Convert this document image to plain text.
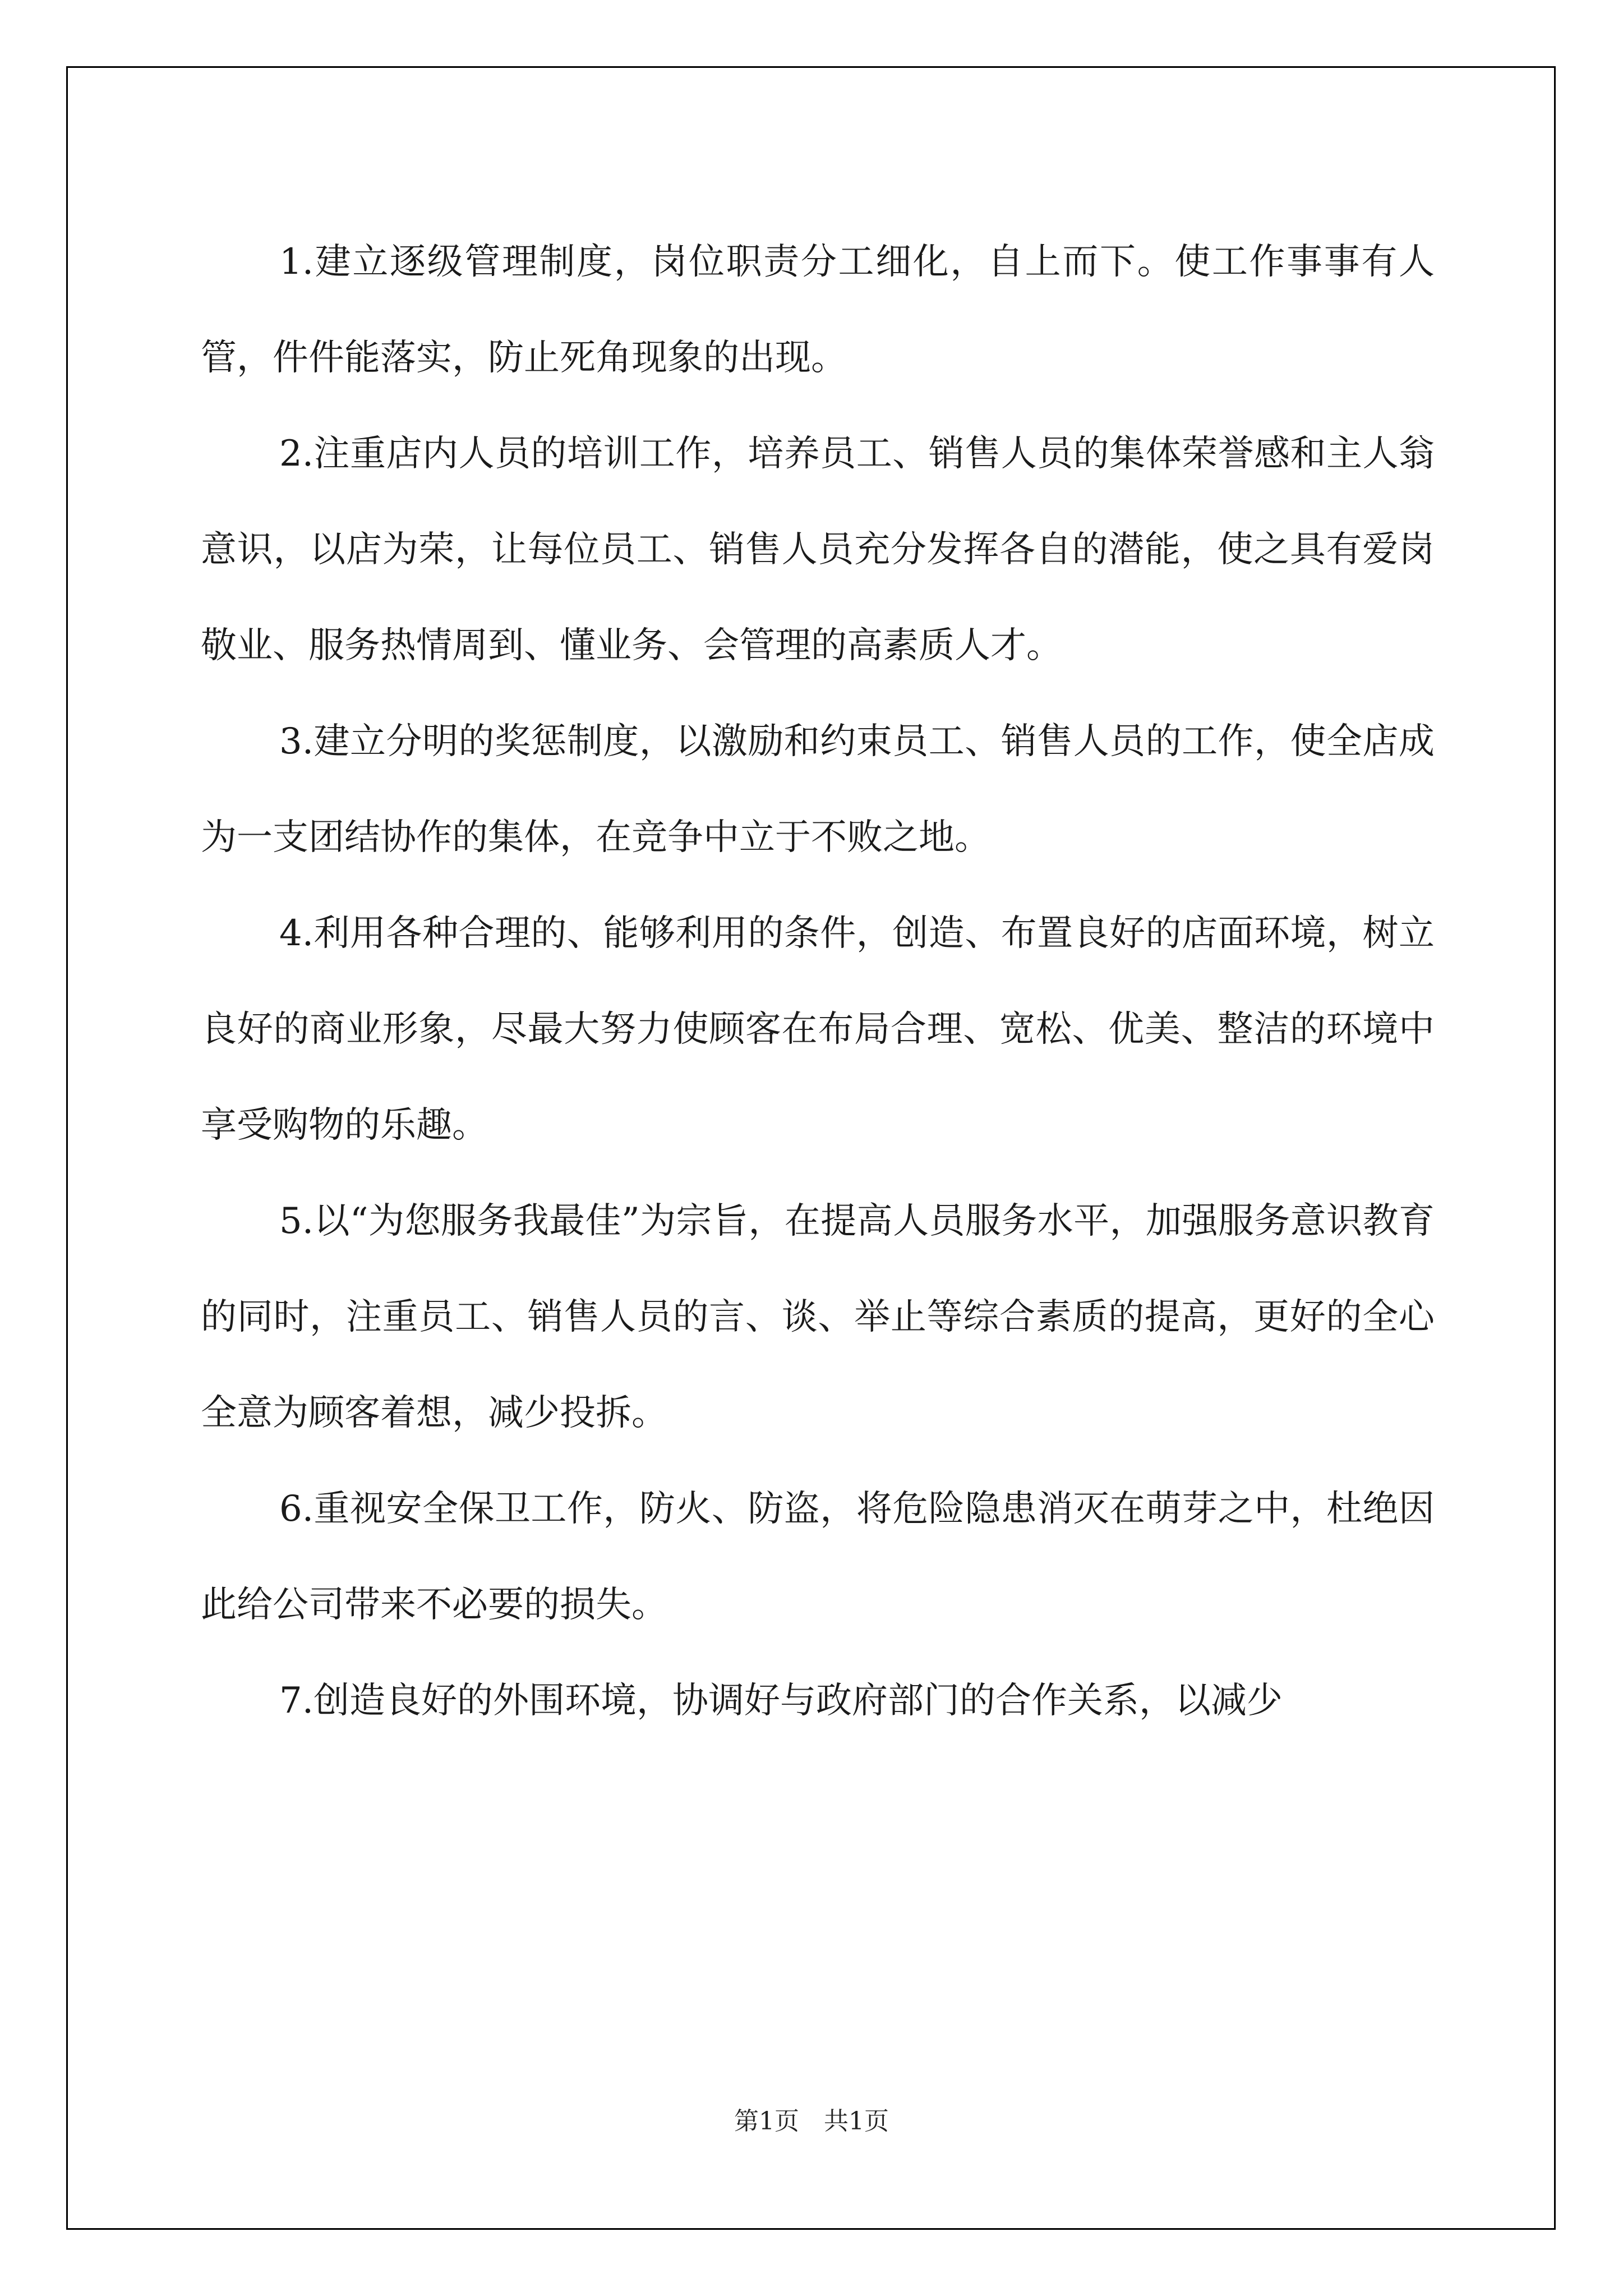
1.建立逐级管理制度，岗位职责分工细化，自上而下。使工作事事有人管，件件能落实，防止死角现象的出现。

2.注重店内人员的培训工作，培养员工、销售人员的集体荣誉感和主人翁意识，以店为荣，让每位员工、销售人员充分发挥各自的潜能，使之具有爱岗敬业、服务热情周到、懂业务、会管理的高素质人才。

3.建立分明的奖惩制度，以激励和约束员工、销售人员的工作，使全店成为一支团结协作的集体，在竞争中立于不败之地。

4.利用各种合理的、能够利用的条件，创造、布置良好的店面环境，树立良好的商业形象，尽最大努力使顾客在布局合理、宽松、优美、整洁的环境中享受购物的乐趣。

5.以“为您服务我最佳”为宗旨，在提高人员服务水平，加强服务意识教育的同时，注重员工、销售人员的言、谈、举止等综合素质的提高，更好的全心全意为顾客着想，减少投拆。

6.重视安全保卫工作，防火、防盗，将危险隐患消灭在萌芽之中，杜绝因此给公司带来不必要的损失。

7.创造良好的外围环境，协调好与政府部门的合作关系，以减少

第1页　共1页
